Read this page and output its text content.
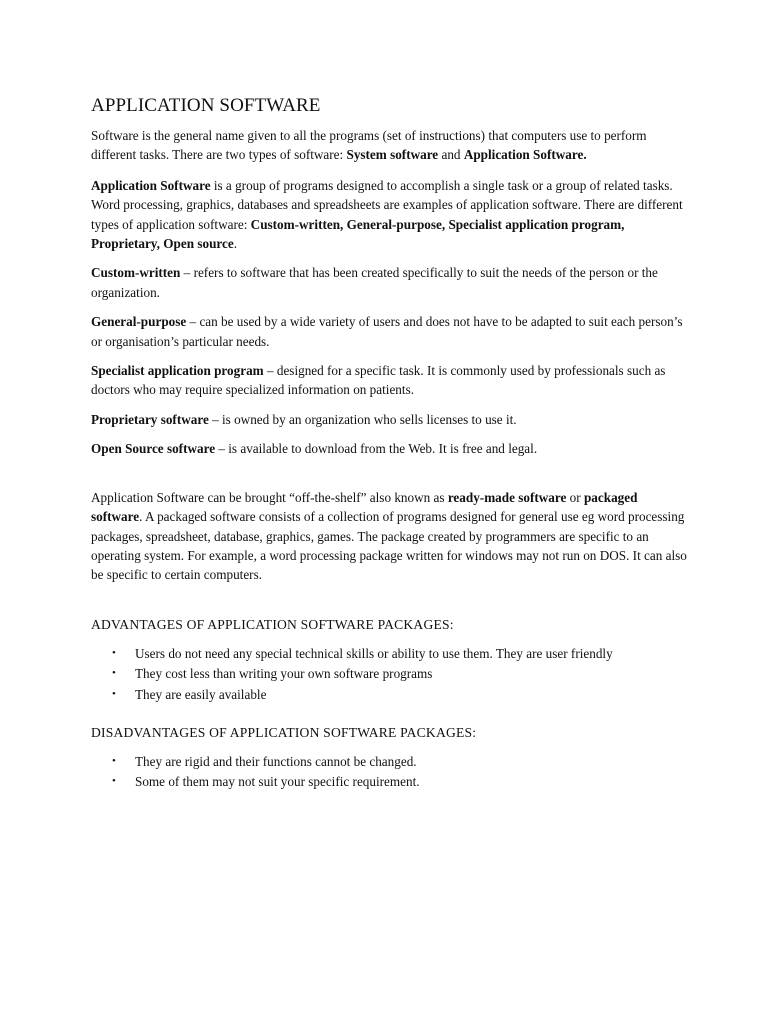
APPLICATION SOFTWARE

Software is the general name given to all the programs (set of instructions) that computers use to perform different tasks. There are two types of software: System software and Application Software.

Application Software is a group of programs designed to accomplish a single task or a group of related tasks. Word processing, graphics, databases and spreadsheets are examples of application software. There are different types of application software: Custom-written, General-purpose, Specialist application program, Proprietary, Open source.

Custom-written – refers to software that has been created specifically to suit the needs of the person or the organization.

General-purpose – can be used by a wide variety of users and does not have to be adapted to suit each person’s or organisation’s particular needs.

Specialist application program – designed for a specific task. It is commonly used by professionals such as doctors who may require specialized information on patients.

Proprietary software – is owned by an organization who sells licenses to use it.

Open Source software – is available to download from the Web. It is free and legal.

Application Software can be brought “off-the-shelf” also known as ready-made software or packaged software. A packaged software consists of a collection of programs designed for general use eg word processing packages, spreadsheet, database, graphics, games. The package created by programmers are specific to an operating system. For example, a word processing package written for windows may not run on DOS. It can also be specific to certain computers.

ADVANTAGES OF APPLICATION SOFTWARE PACKAGES:
• Users do not need any special technical skills or ability to use them. They are user friendly
• They cost less than writing your own software programs
• They are easily available
DISADVANTAGES OF APPLICATION SOFTWARE PACKAGES:
• They are rigid and their functions cannot be changed.
• Some of them may not suit your specific requirement.
